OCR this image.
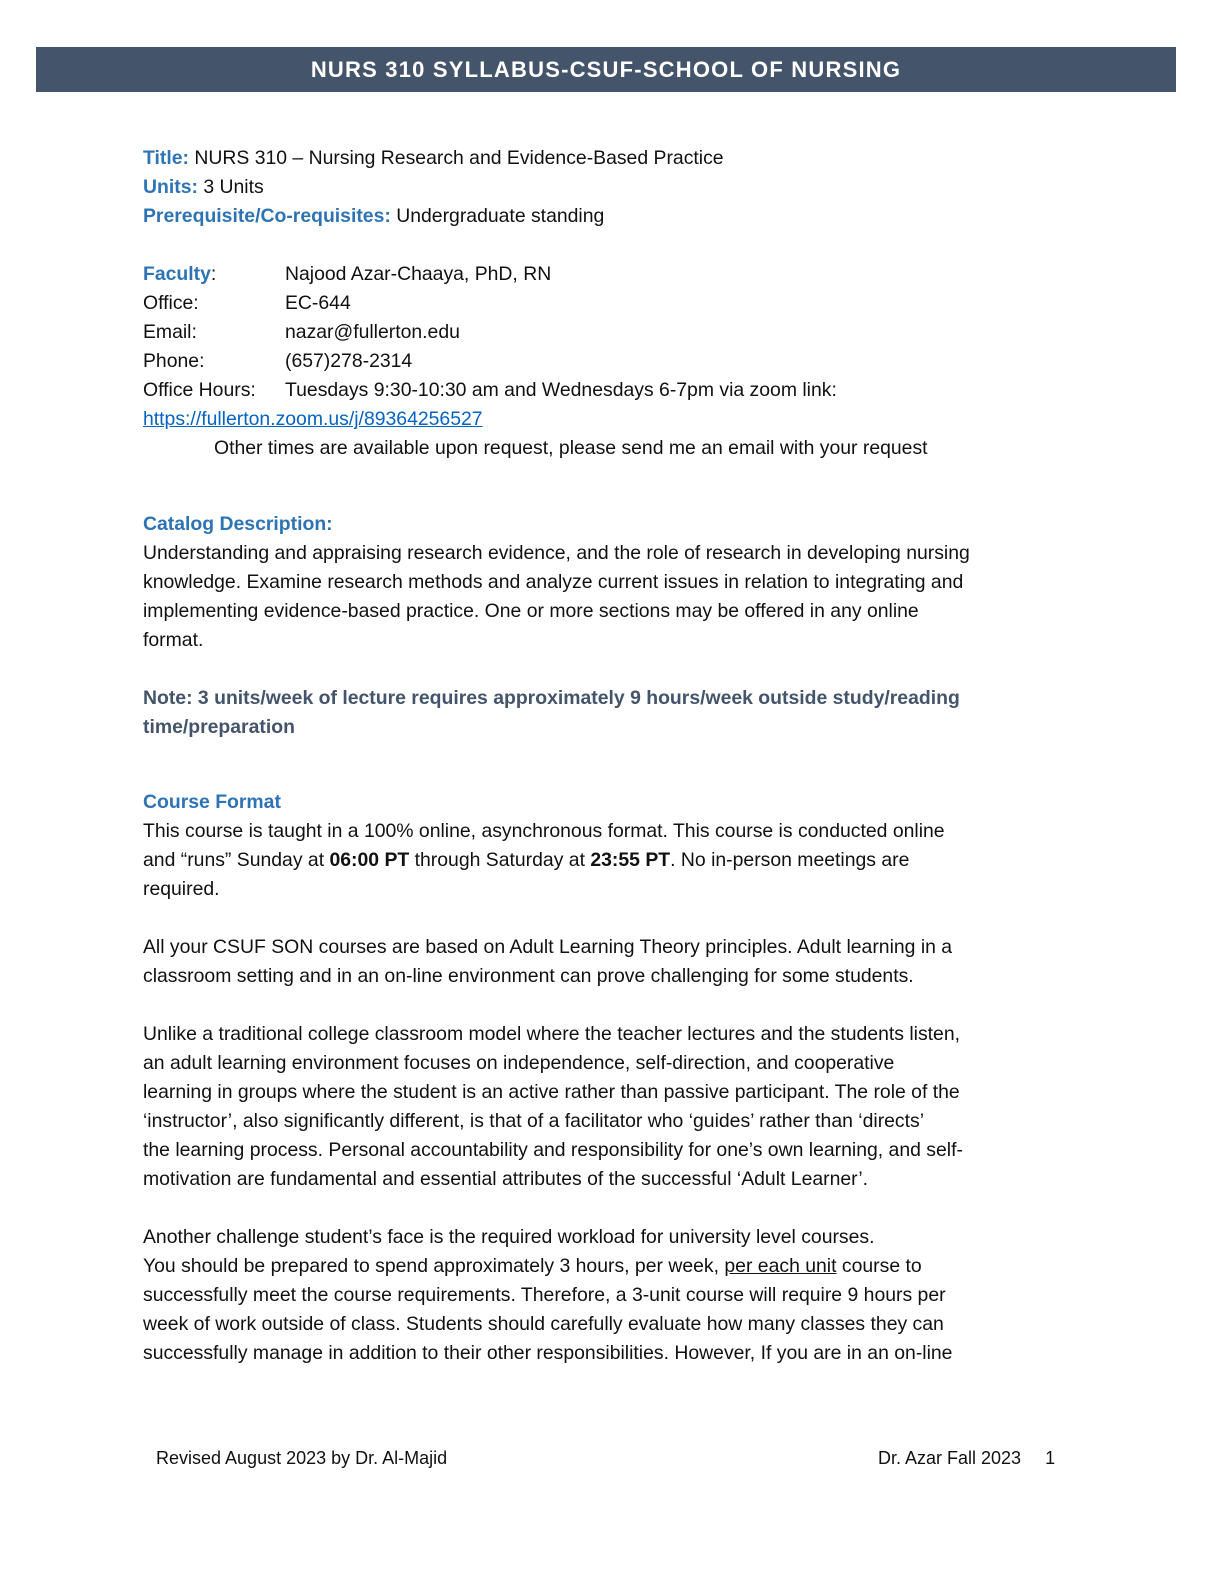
NURS 310 SYLLABUS-CSUF-SCHOOL OF NURSING
Title: NURS 310 – Nursing Research and Evidence-Based Practice
Units: 3 Units
Prerequisite/Co-requisites: Undergraduate standing
Faculty:	Najood Azar-Chaaya, PhD, RN
Office:	EC-644
Email:	nazar@fullerton.edu
Phone:	(657)278-2314
Office Hours:	Tuesdays 9:30-10:30 am and Wednesdays 6-7pm via zoom link:
https://fullerton.zoom.us/j/89364256527
Other times are available upon request, please send me an email with your request
Catalog Description:
Understanding and appraising research evidence, and the role of research in developing nursing
knowledge. Examine research methods and analyze current issues in relation to integrating and
implementing evidence-based practice. One or more sections may be offered in any online
format.
Note: 3 units/week of lecture requires approximately 9 hours/week outside study/reading
time/preparation
Course Format
This course is taught in a 100% online, asynchronous format. This course is conducted online
and “runs” Sunday at 06:00 PT through Saturday at 23:55 PT. No in-person meetings are
required.
All your CSUF SON courses are based on Adult Learning Theory principles. Adult learning in a
classroom setting and in an on-line environment can prove challenging for some students.
Unlike a traditional college classroom model where the teacher lectures and the students listen,
an adult learning environment focuses on independence, self-direction, and cooperative
learning in groups where the student is an active rather than passive participant. The role of the
‘instructor’, also significantly different, is that of a facilitator who ‘guides’ rather than ‘directs’
the learning process. Personal accountability and responsibility for one’s own learning, and self-
motivation are fundamental and essential attributes of the successful ‘Adult Learner’.
Another challenge student’s face is the required workload for university level courses.
You should be prepared to spend approximately 3 hours, per week, per each unit course to
successfully meet the course requirements. Therefore, a 3-unit course will require 9 hours per
week of work outside of class. Students should carefully evaluate how many classes they can
successfully manage in addition to their other responsibilities. However, If you are in an on-line
Revised August 2023 by Dr. Al-Majid	Dr. Azar Fall 2023 1
